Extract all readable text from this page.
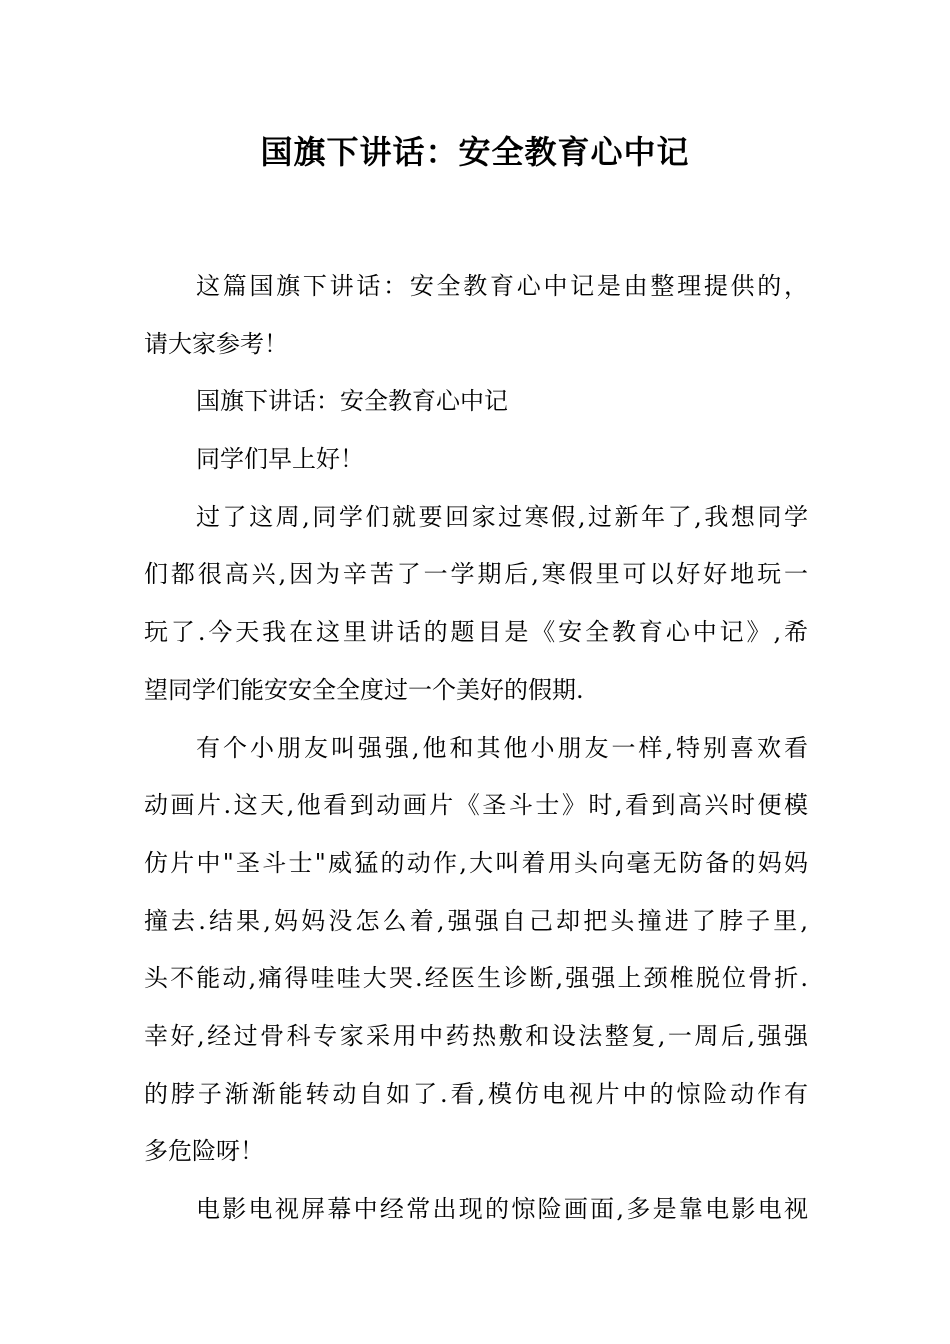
国旗下讲话：安全教育心中记
这篇国旗下讲话：安全教育心中记是由整理提供的，
请大家参考！
国旗下讲话：安全教育心中记
同学们早上好！
过了这周,同学们就要回家过寒假,过新年了,我想同学
们都很高兴,因为辛苦了一学期后,寒假里可以好好地玩一
玩了.今天我在这里讲话的题目是《安全教育心中记》,希
望同学们能安安全全度过一个美好的假期.
有个小朋友叫强强,他和其他小朋友一样,特别喜欢看
动画片.这天,他看到动画片《圣斗士》时,看到高兴时便模
仿片中"圣斗士"威猛的动作,大叫着用头向毫无防备的妈妈
撞去.结果,妈妈没怎么着,强强自己却把头撞进了脖子里,
头不能动,痛得哇哇大哭.经医生诊断,强强上颈椎脱位骨折.
幸好,经过骨科专家采用中药热敷和设法整复,一周后,强强
的脖子渐渐能转动自如了.看,模仿电视片中的惊险动作有
多危险呀！
电影电视屏幕中经常出现的惊险画面,多是靠电影电视
